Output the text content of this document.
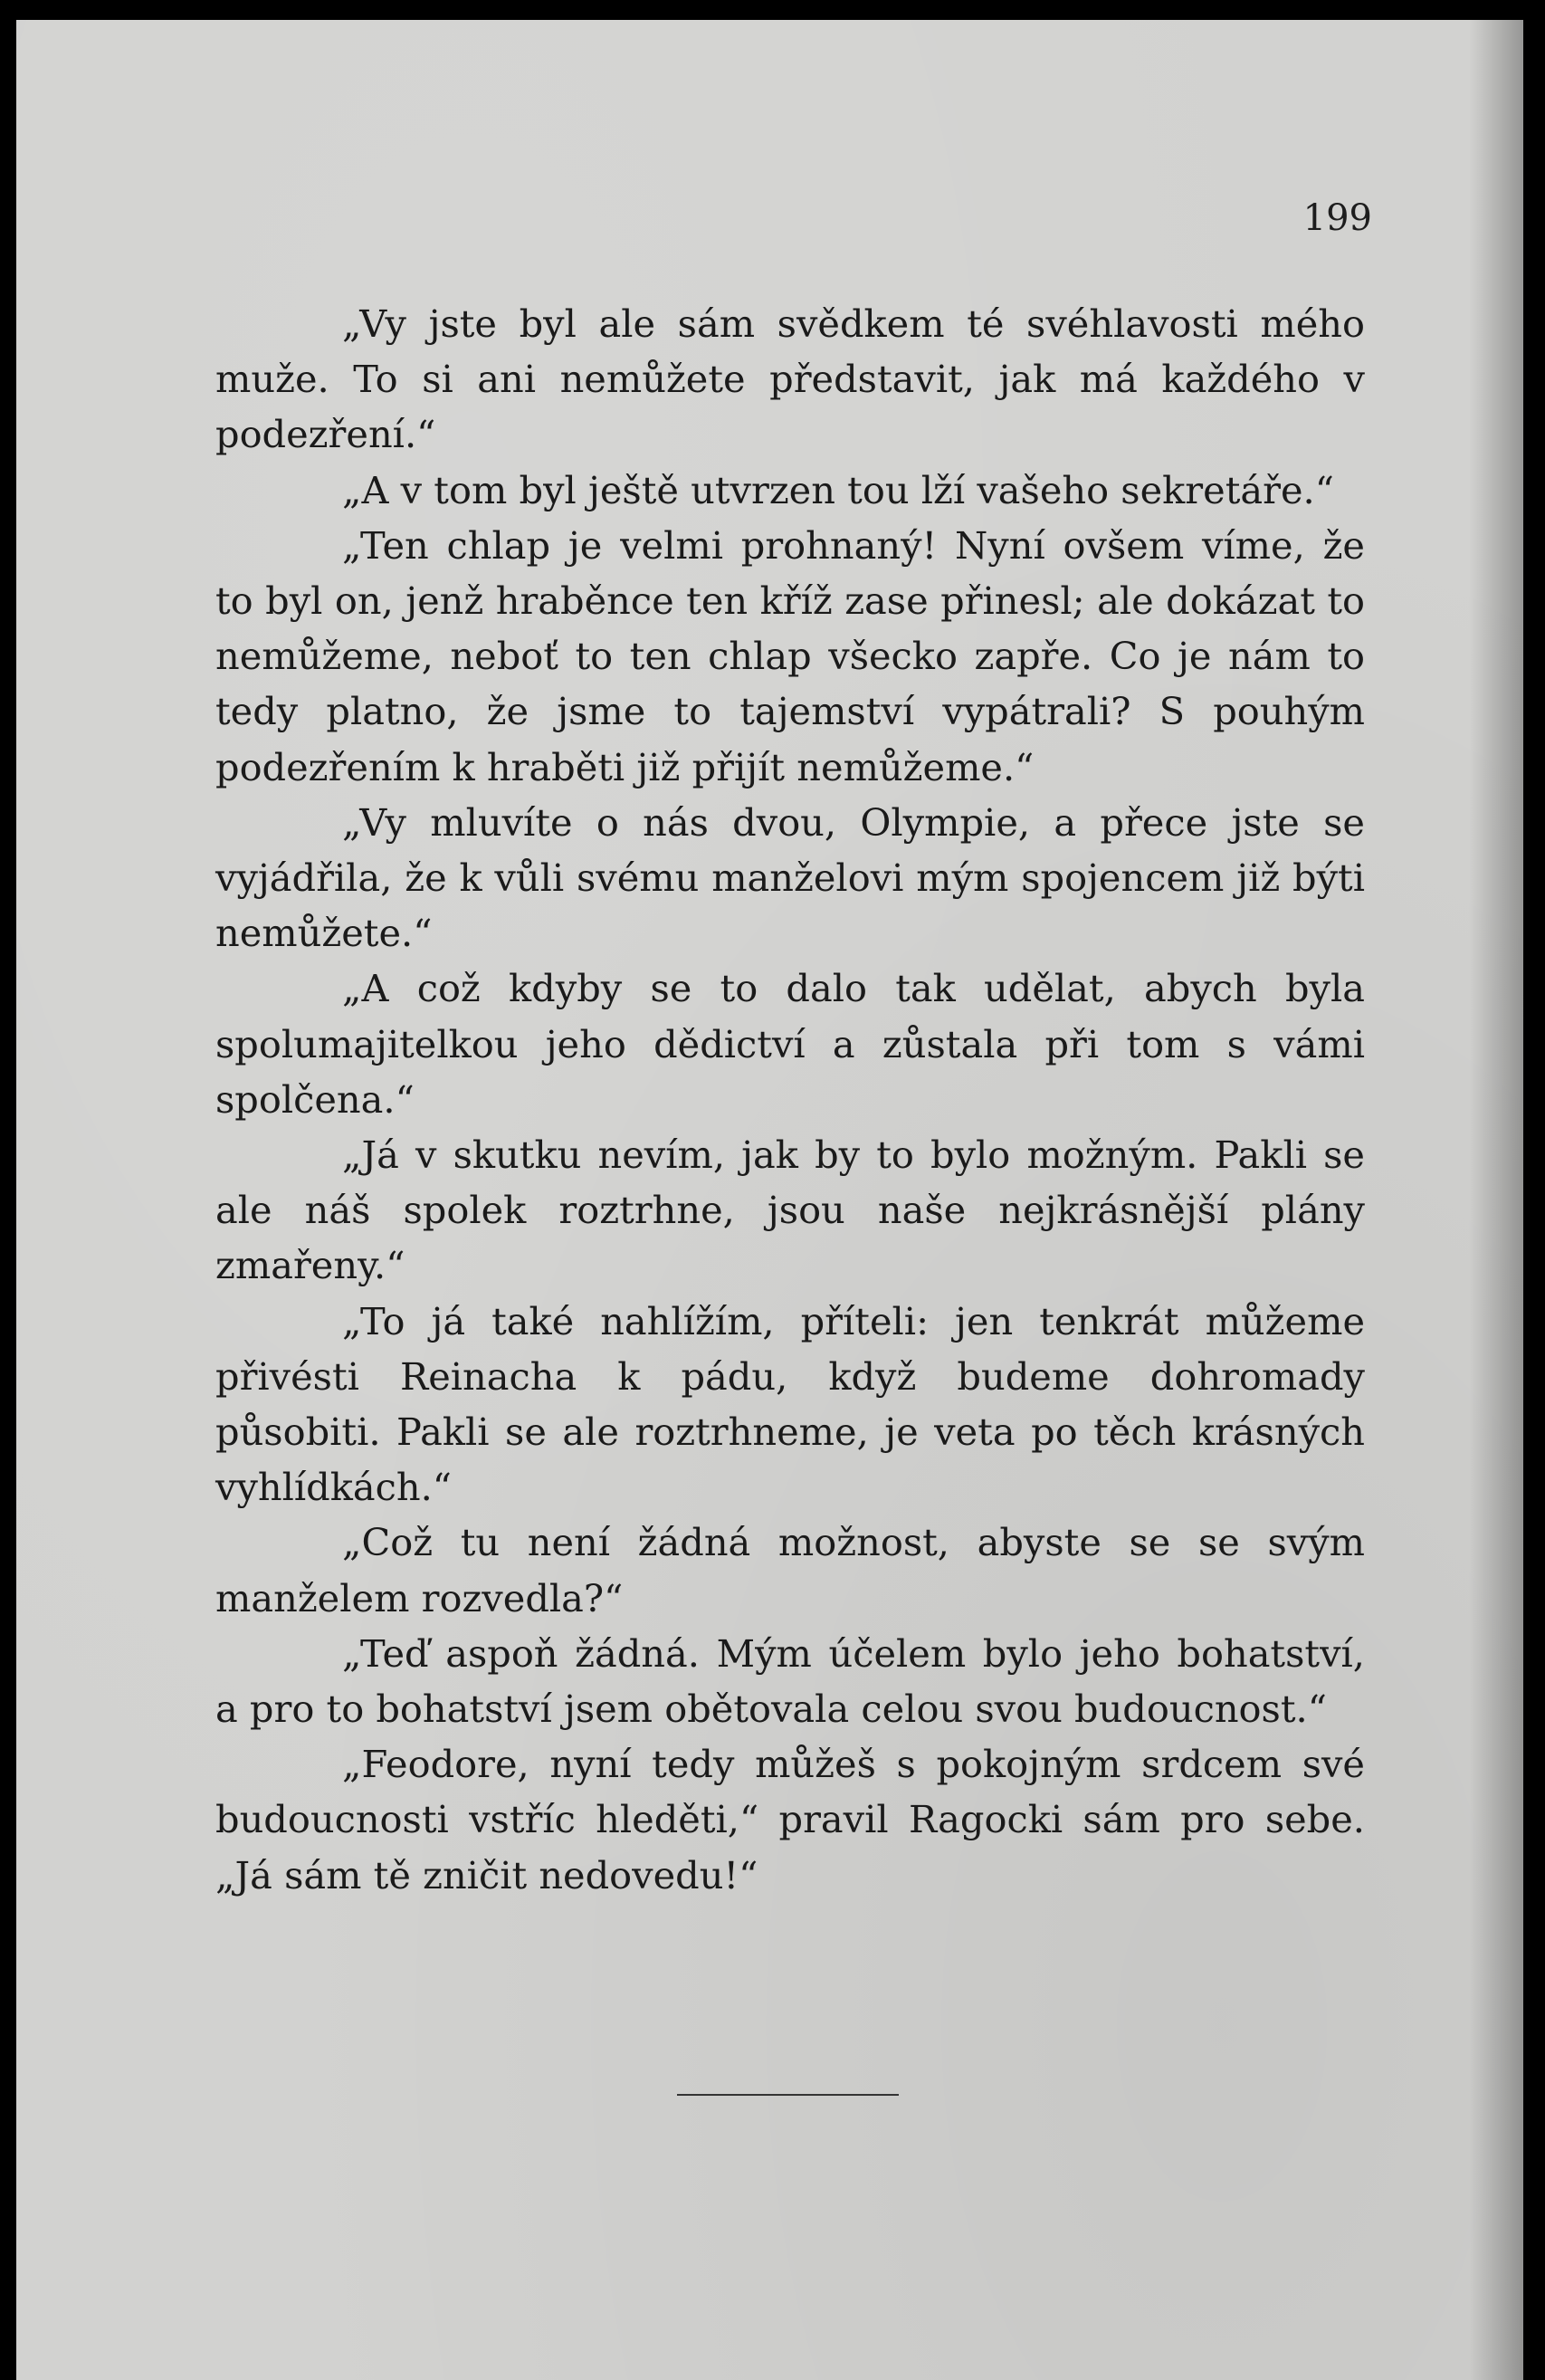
199

„Vy jste byl ale sám svědkem té svéhlavosti mého muže. To si ani nemůžete představit, jak má každého v podezření.“

„A v tom byl ještě utvrzen tou lží vašeho sekretáře.“

„Ten chlap je velmi prohnaný! Nyní ovšem víme, že to byl on, jenž hraběnce ten kříž zase přinesl; ale dokázat to nemůžeme, neboť to ten chlap všecko zapře. Co je nám to tedy platno, že jsme to tajemství vypátrali? S pouhým podezřením k hraběti již přijít nemůžeme.“

„Vy mluvíte o nás dvou, Olympie, a přece jste se vyjádřila, že k vůli svému manželovi mým spojencem již býti nemůžete.“

„A což kdyby se to dalo tak udělat, abych byla spolumajitelkou jeho dědictví a zůstala při tom s vámi spolčena.“

„Já v skutku nevím, jak by to bylo možným. Pakli se ale náš spolek roztrhne, jsou naše nejkrásnější plány zmařeny.“

„To já také nahlížím, příteli: jen tenkrát můžeme přivésti Reinacha k pádu, když budeme dohromady působiti. Pakli se ale roztrhneme, je veta po těch krásných vyhlídkách.“

„Což tu není žádná možnost, abyste se se svým manželem rozvedla?“

„Teď aspoň žádná. Mým účelem bylo jeho bohatství, a pro to bohatství jsem obětovala celou svou budoucnost.“

„Feodore, nyní tedy můžeš s pokojným srdcem své budoucnosti vstříc hleděti,“ pravil Ragocki sám pro sebe. „Já sám tě zničit nedovedu!“
